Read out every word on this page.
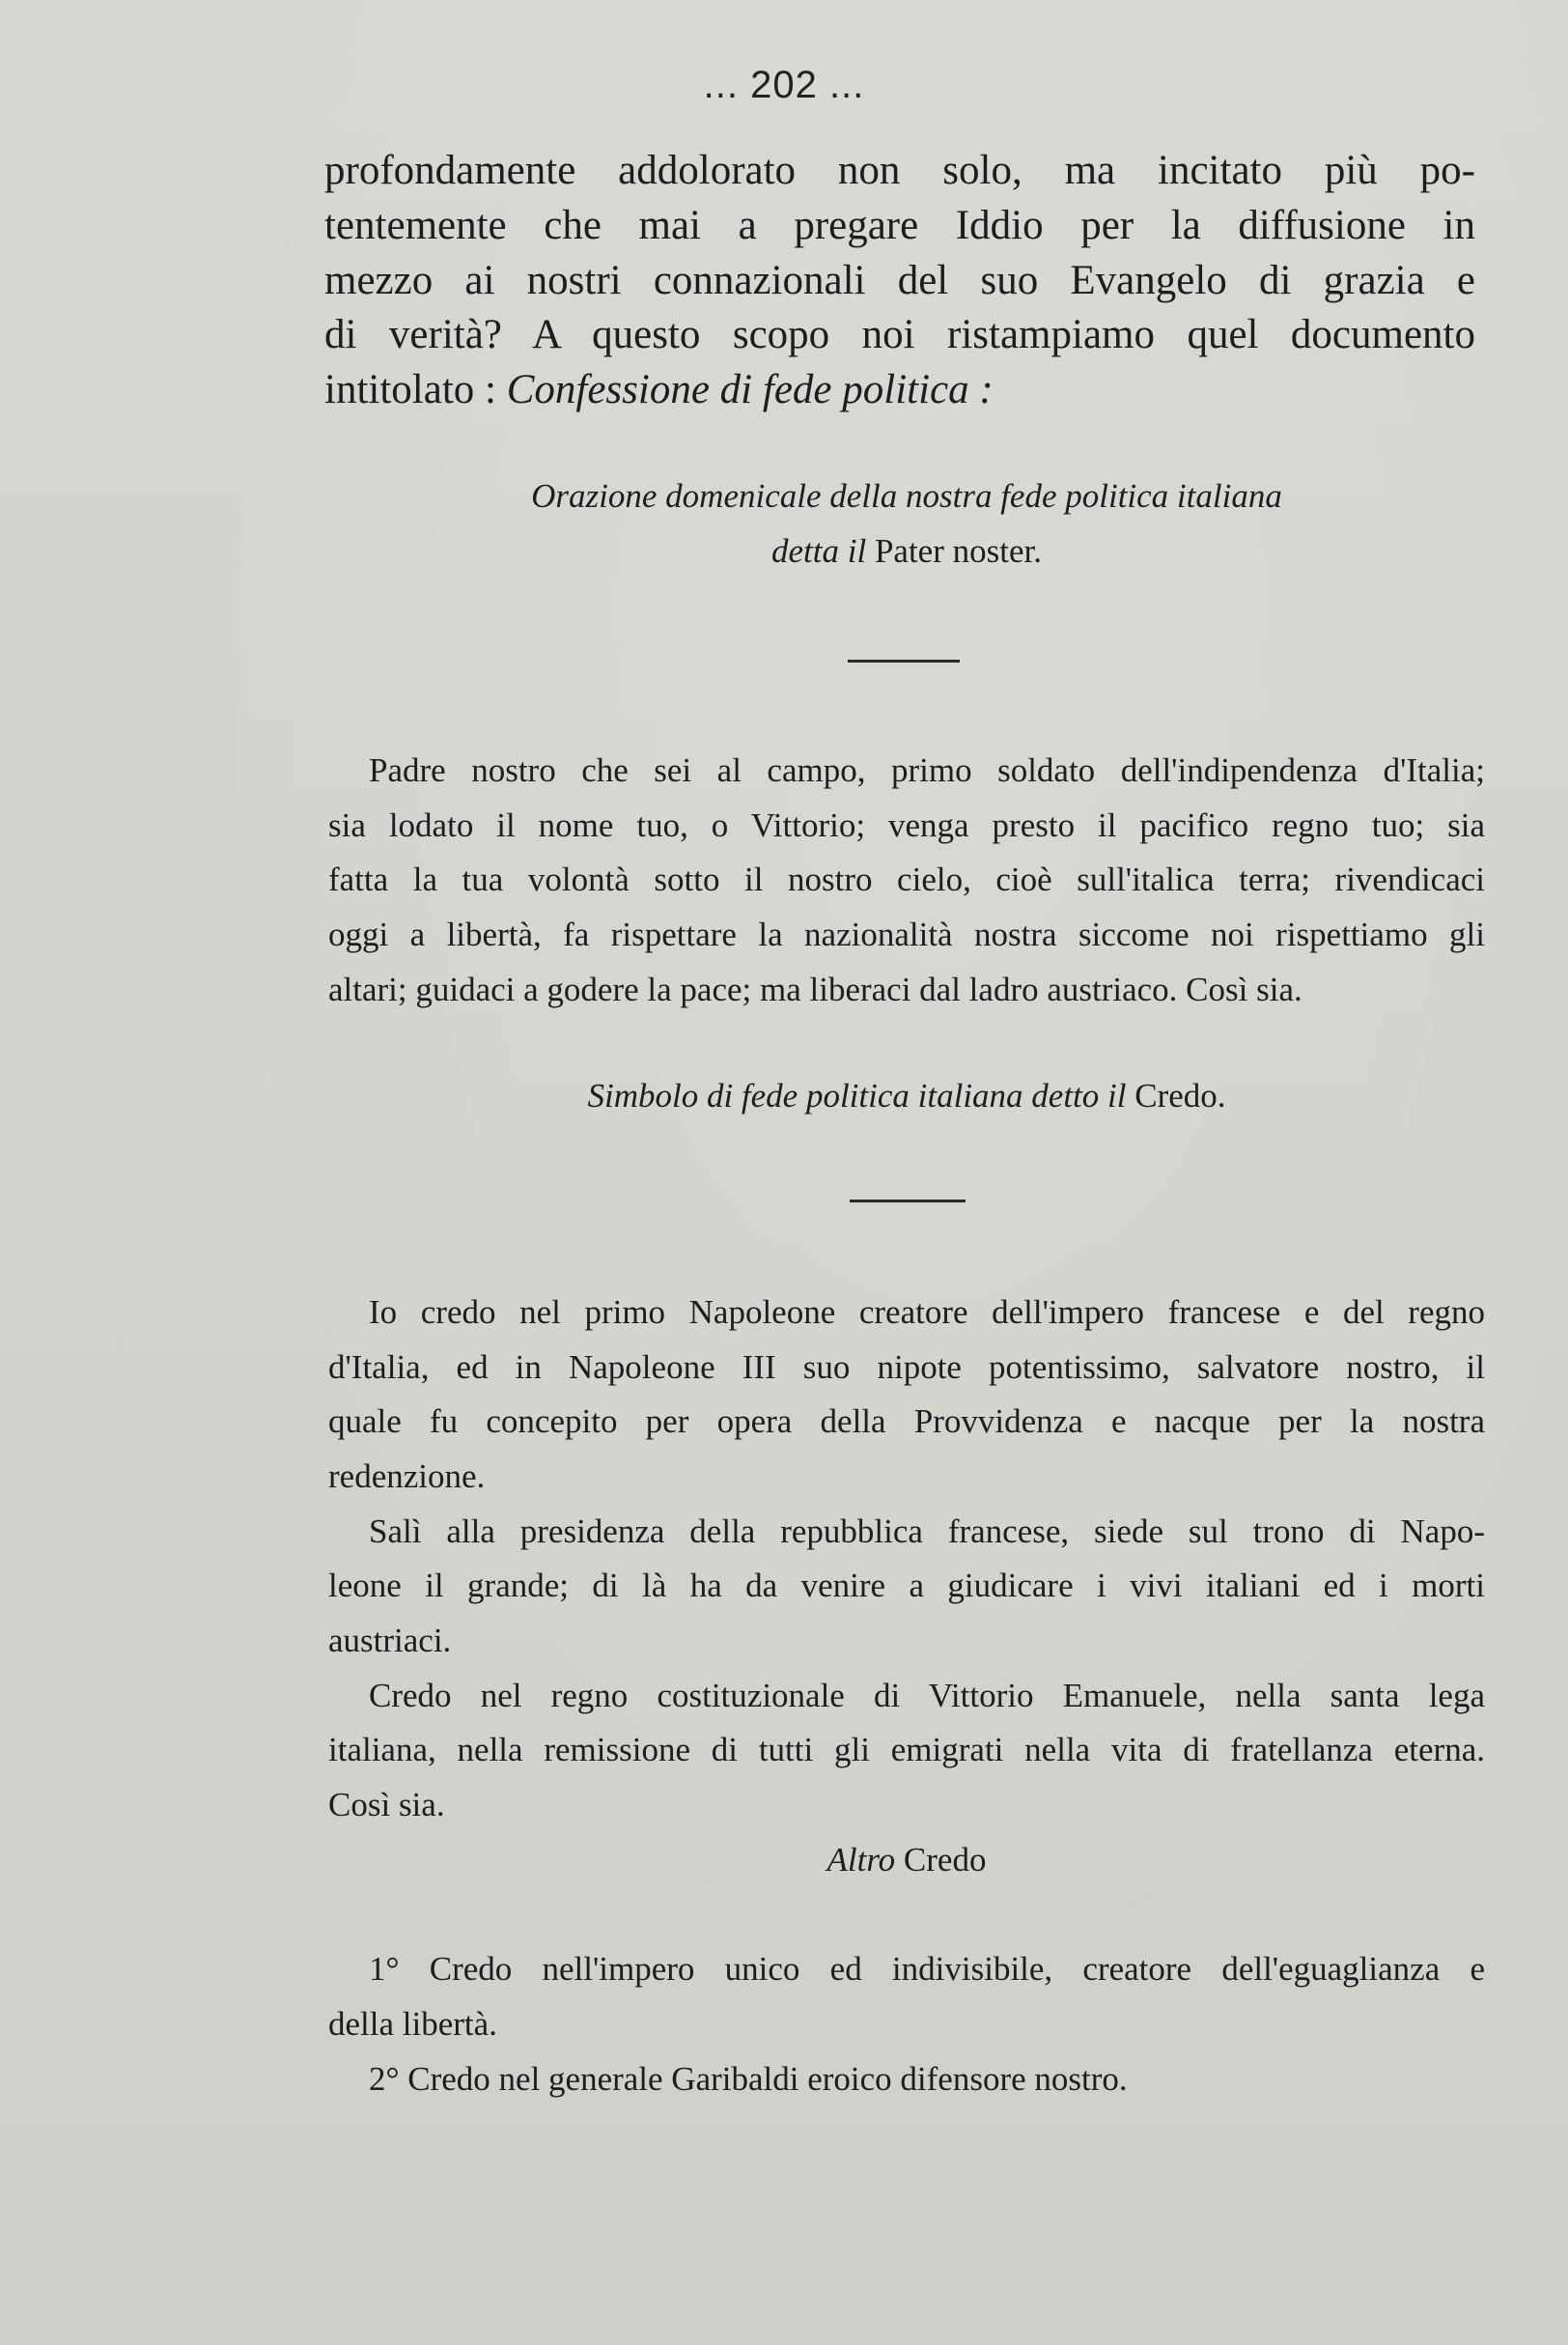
... 202 ...
profondamente addolorato non solo, ma incitato più po-
tentemente che mai a pregare Iddio per la diffusione in
mezzo ai nostri connazionali del suo Evangelo di grazia e
di verità? A questo scopo noi ristampiamo quel documento
intitolato : Confessione di fede politica :
Orazione domenicale della nostra fede politica italiana
detta il Pater noster.
Padre nostro che sei al campo, primo soldato dell'indipendenza d'Italia;
sia lodato il nome tuo, o Vittorio; venga presto il pacifico regno tuo; sia
fatta la tua volontà sotto il nostro cielo, cioè sull'italica terra; rivendicaci
oggi a libertà, fa rispettare la nazionalità nostra siccome noi rispettiamo gli
altari; guidaci a godere la pace; ma liberaci dal ladro austriaco. Così sia.
Simbolo di fede politica italiana detto il Credo.
Io credo nel primo Napoleone creatore dell'impero francese e del regno
d'Italia, ed in Napoleone III suo nipote potentissimo, salvatore nostro, il
quale fu concepito per opera della Provvidenza e nacque per la nostra
redenzione.
Salì alla presidenza della repubblica francese, siede sul trono di Napo-
leone il grande; di là ha da venire a giudicare i vivi italiani ed i morti
austriaci.
Credo nel regno costituzionale di Vittorio Emanuele, nella santa lega
italiana, nella remissione di tutti gli emigrati nella vita di fratellanza eterna.
Così sia.
Altro Credo
1° Credo nell'impero unico ed indivisibile, creatore dell'eguaglianza e
della libertà.
2° Credo nel generale Garibaldi eroico difensore nostro.
